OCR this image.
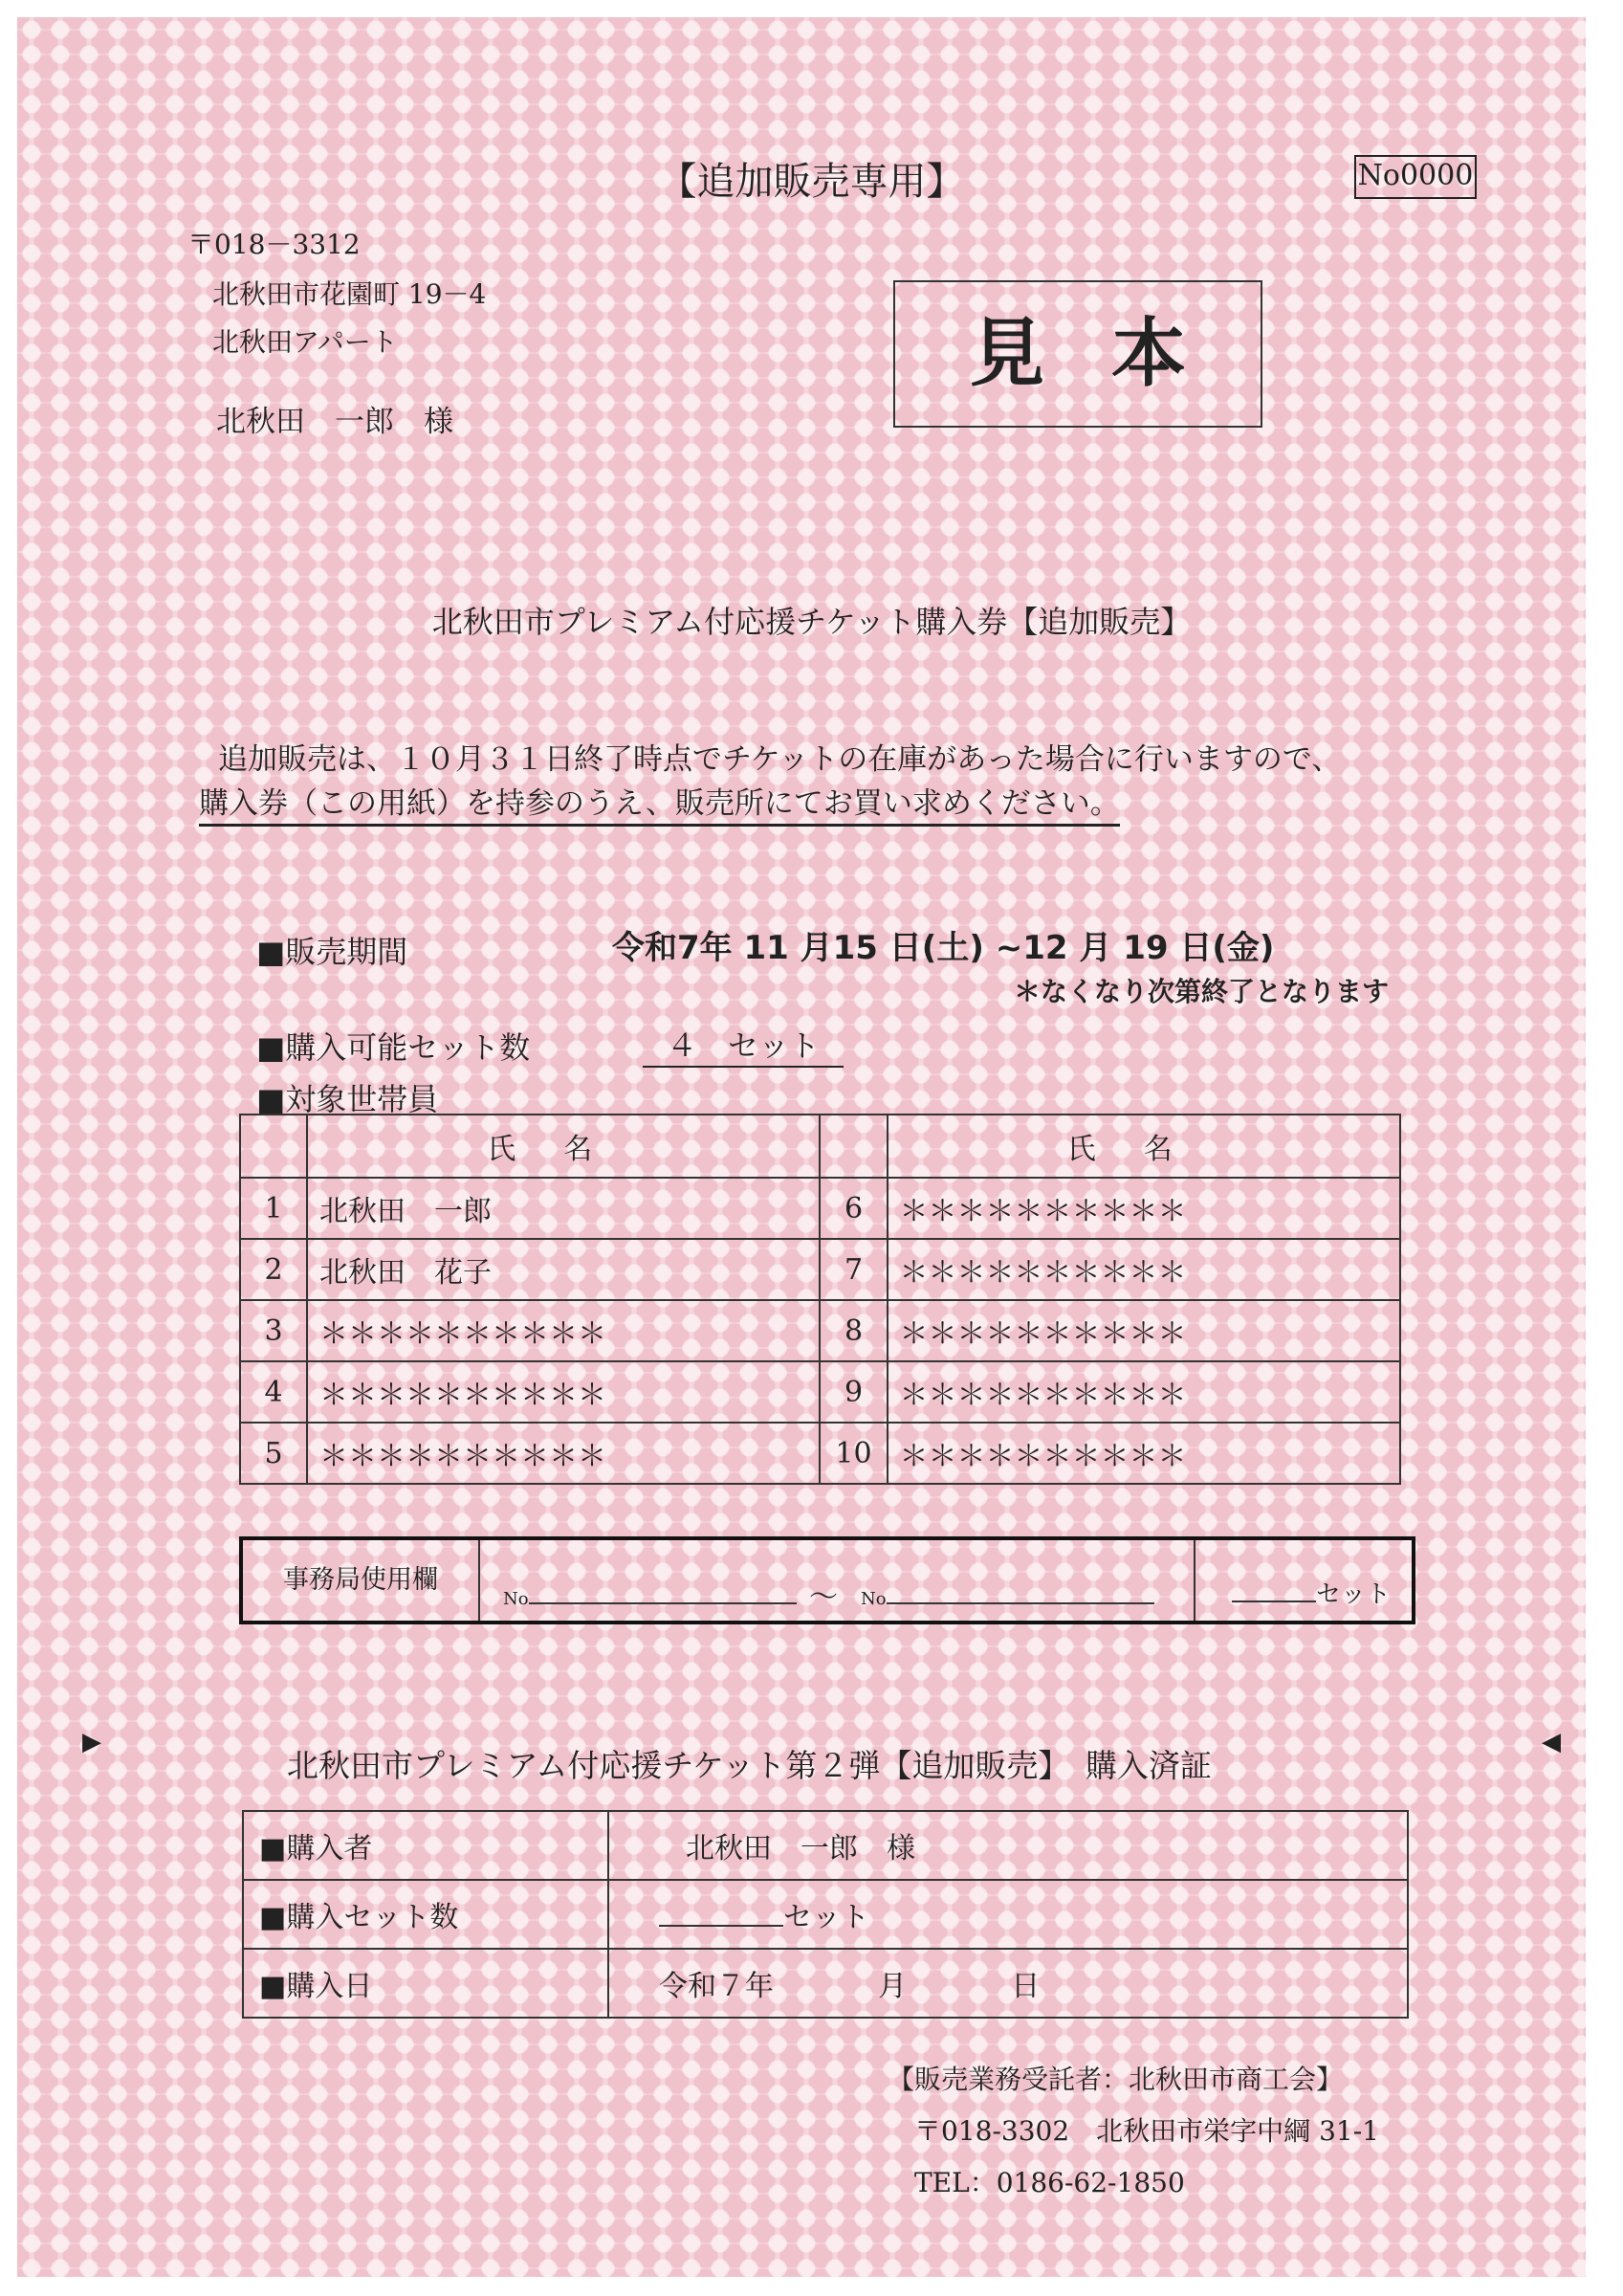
【追加販売専用】	No0000
〒018－3312
北秋田市花園町 19－4
北秋田アパート
北秋田　一郎　様
見本
北秋田市プレミアム付応援チケット購入券【追加販売】
追加販売は、１０月３１日終了時点でチケットの在庫があった場合に行いますので、
購入券（この用紙）を持参のうえ、販売所にてお買い求めください。
■販売期間	令和7年 11 月15 日(土) ~12 月 19 日(金)
＊なくなり次第終了となります
■購入可能セット数	４　セット
■対象世帯員
	氏名		氏名
1	北秋田　一郎	6	＊＊＊＊＊＊＊＊＊＊
2	北秋田　花子	7	＊＊＊＊＊＊＊＊＊＊
3	＊＊＊＊＊＊＊＊＊＊	8	＊＊＊＊＊＊＊＊＊＊
4	＊＊＊＊＊＊＊＊＊＊	9	＊＊＊＊＊＊＊＊＊＊
5	＊＊＊＊＊＊＊＊＊＊	10	＊＊＊＊＊＊＊＊＊＊
事務局使用欄
No	～ No	セット
▶	◀
北秋田市プレミアム付応援チケット第２弾【追加販売】　購入済証
■購入者	北秋田　一郎　様
■購入セット数	セット
■購入日	令和７年 月 日
【販売業務受託者：北秋田市商工会】
〒018-3302　北秋田市栄字中綱 31-1
TEL：0186-62-1850
